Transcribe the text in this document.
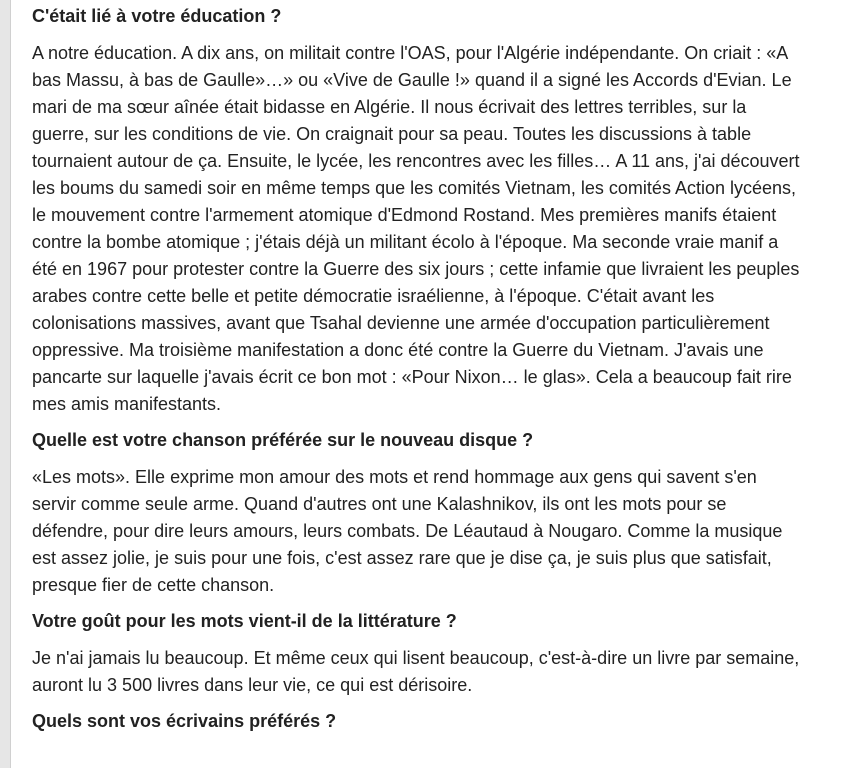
C'était lié à votre éducation ?
A notre éducation. A dix ans, on militait contre l'OAS, pour l'Algérie indépendante. On criait : «A
bas Massu, à bas de Gaulle»…» ou «Vive de Gaulle !» quand il a signé les Accords d'Evian. Le
mari de ma sœur aînée était bidasse en Algérie. Il nous écrivait des lettres terribles, sur la
guerre, sur les conditions de vie. On craignait pour sa peau. Toutes les discussions à table
tournaient autour de ça. Ensuite, le lycée, les rencontres avec les filles… A 11 ans, j'ai découvert
les boums du samedi soir en même temps que les comités Vietnam, les comités Action lycéens,
le mouvement contre l'armement atomique d'Edmond Rostand. Mes premières manifs étaient
contre la bombe atomique ; j'étais déjà un militant écolo à l'époque. Ma seconde vraie manif a
été en 1967 pour protester contre la Guerre des six jours ; cette infamie que livraient les peuples
arabes contre cette belle et petite démocratie israélienne, à l'époque. C'était avant les
colonisations massives, avant que Tsahal devienne une armée d'occupation particulièrement
oppressive. Ma troisième manifestation a donc été contre la Guerre du Vietnam. J'avais une
pancarte sur laquelle j'avais écrit ce bon mot : «Pour Nixon… le glas». Cela a beaucoup fait rire
mes amis manifestants.
Quelle est votre chanson préférée sur le nouveau disque ?
«Les mots». Elle exprime mon amour des mots et rend hommage aux gens qui savent s'en
servir comme seule arme. Quand d'autres ont une Kalashnikov, ils ont les mots pour se
défendre, pour dire leurs amours, leurs combats. De Léautaud à Nougaro. Comme la musique
est assez jolie, je suis pour une fois, c'est assez rare que je dise ça, je suis plus que satisfait,
presque fier de cette chanson.
Votre goût pour les mots vient-il de la littérature ?
Je n'ai jamais lu beaucoup. Et même ceux qui lisent beaucoup, c'est-à-dire un livre par semaine,
auront lu 3 500 livres dans leur vie, ce qui est dérisoire.
Quels sont vos écrivains préférés ?
